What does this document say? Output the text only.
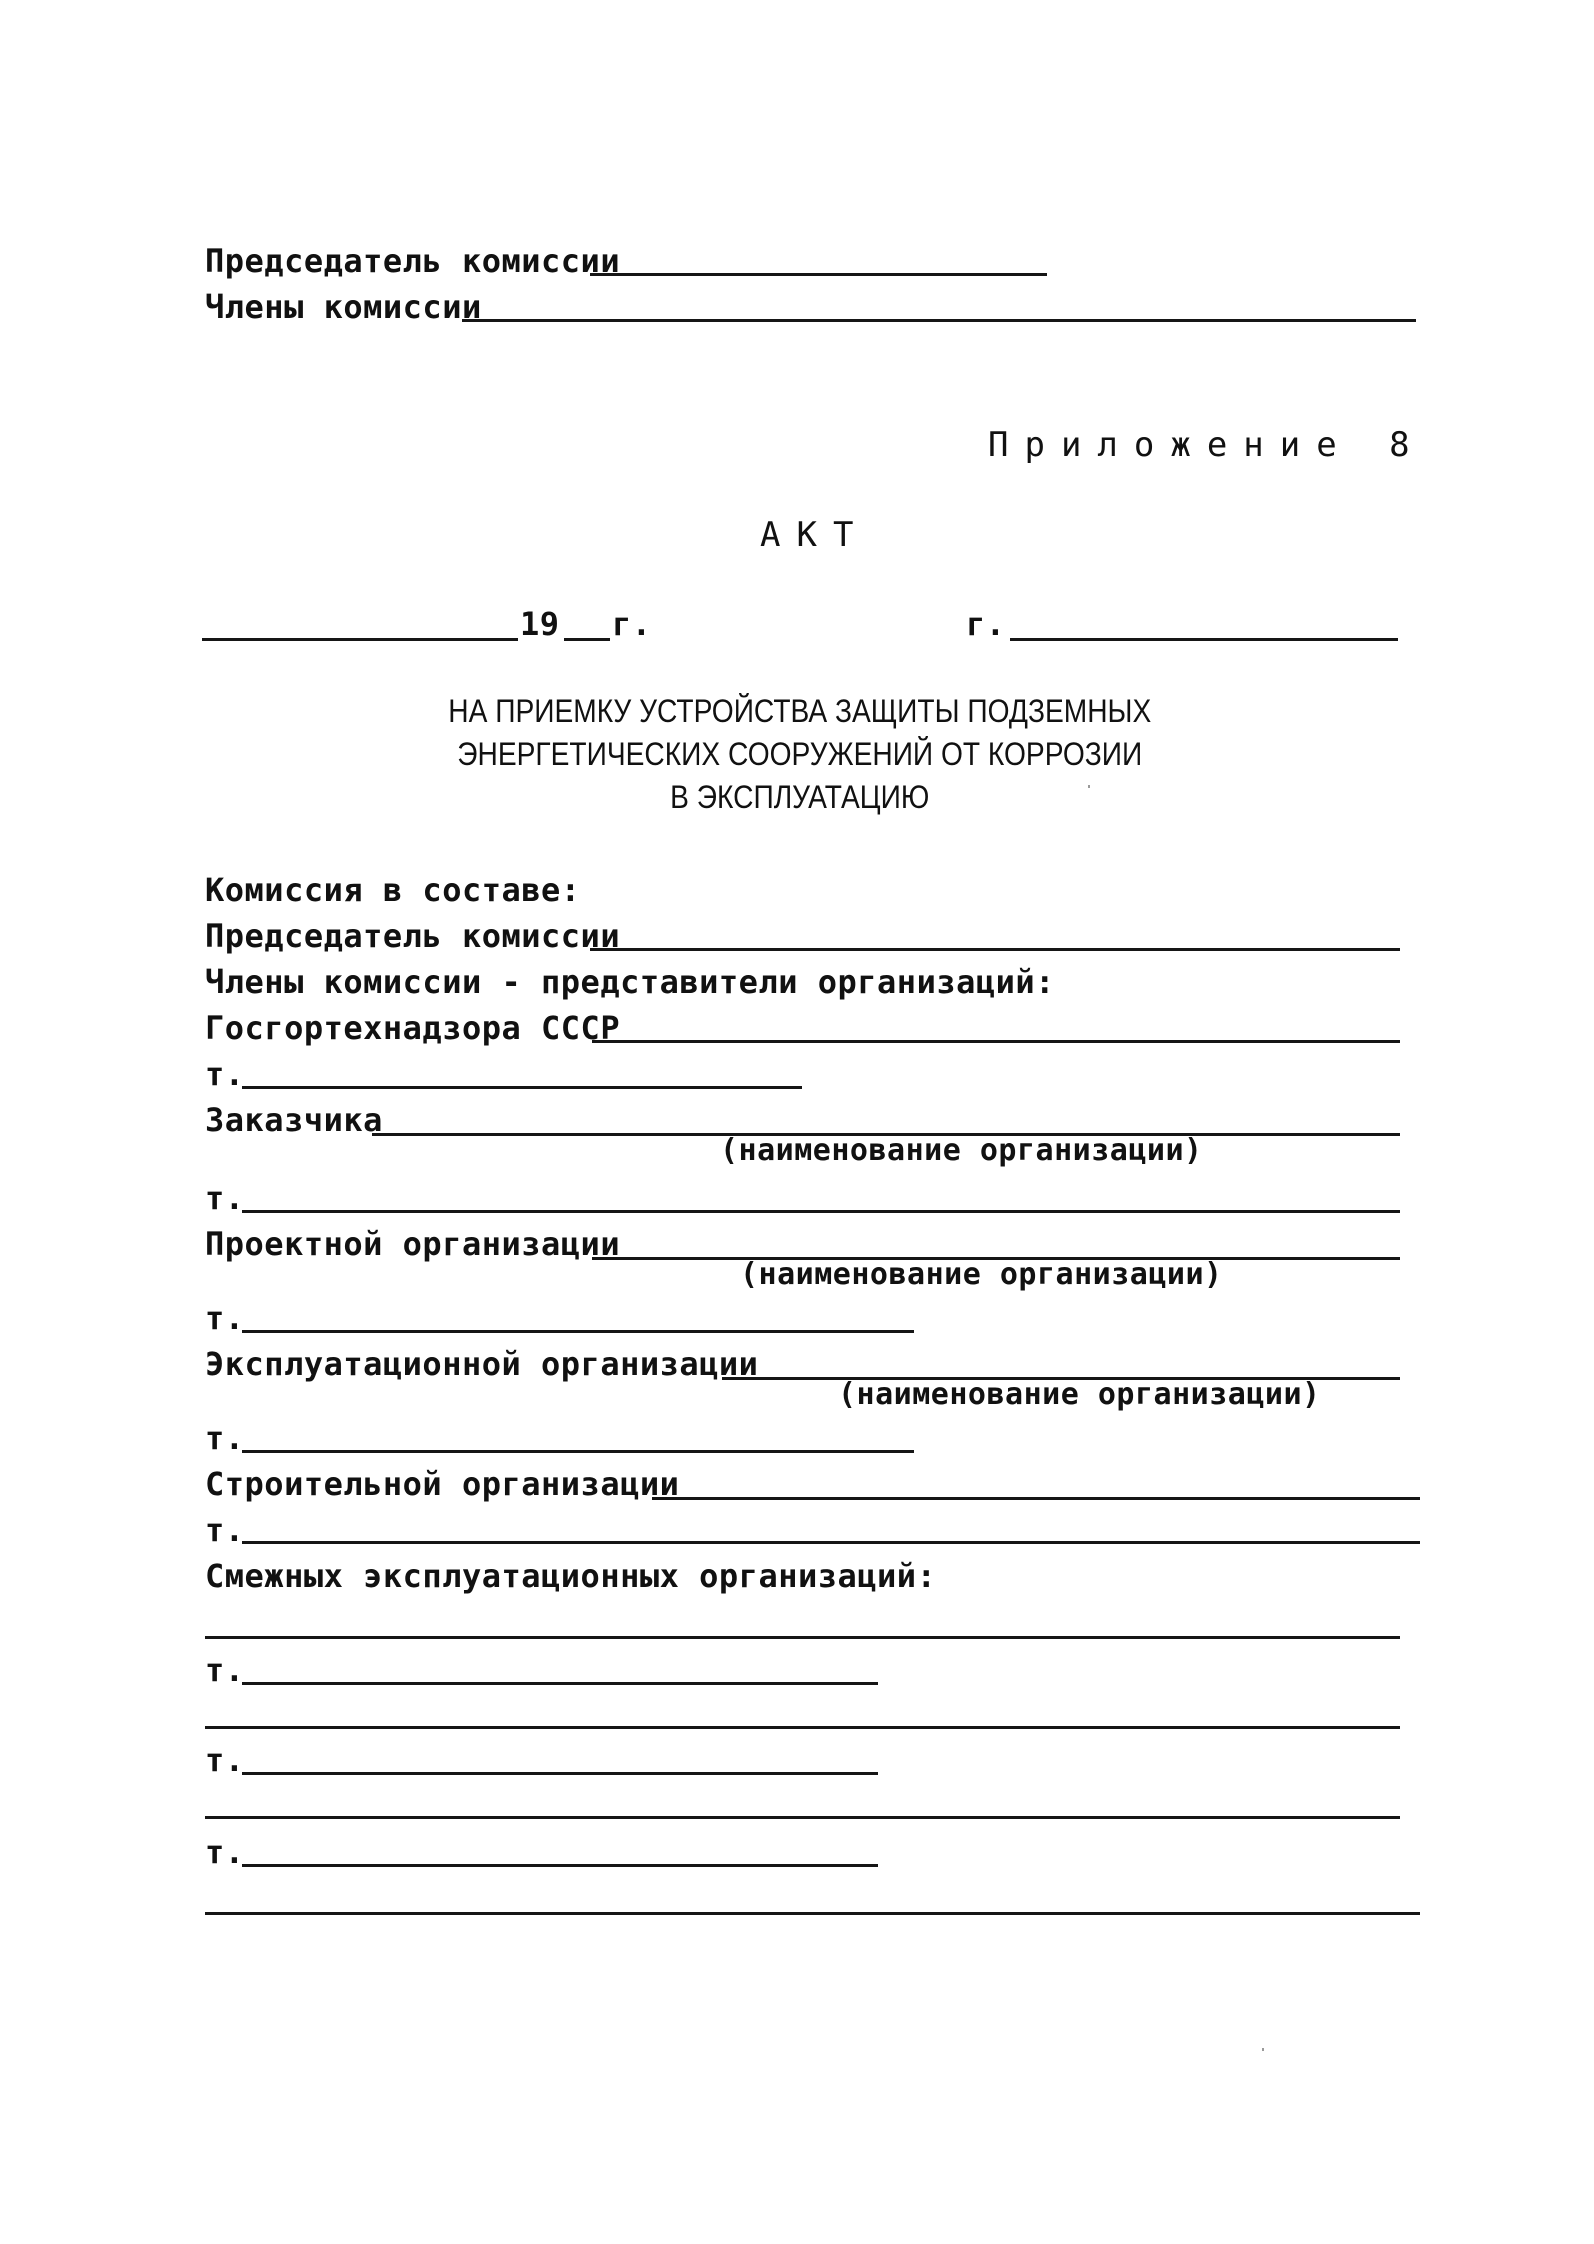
Председатель комиссии
Члены комиссии
Приложение 8
АКТ
19 г.	г.
НА ПРИЕМКУ УСТРОЙСТВА ЗАЩИТЫ ПОДЗЕМНЫХ
ЭНЕРГЕТИЧЕСКИХ СООРУЖЕНИЙ ОТ КОРРОЗИИ
В ЭКСПЛУАТАЦИЮ
Комиссия в составе:
Председатель комиссии
Члены комиссии - представители организаций:
Госгортехнадзора СССР
т.
Заказчика
(наименование организации)
т.
Проектной организации
(наименование организации)
т.
Эксплуатационной организации
(наименование организации)
т.
Строительной организации
т.
Смежных эксплуатационных организаций:
т.
т.
т.
